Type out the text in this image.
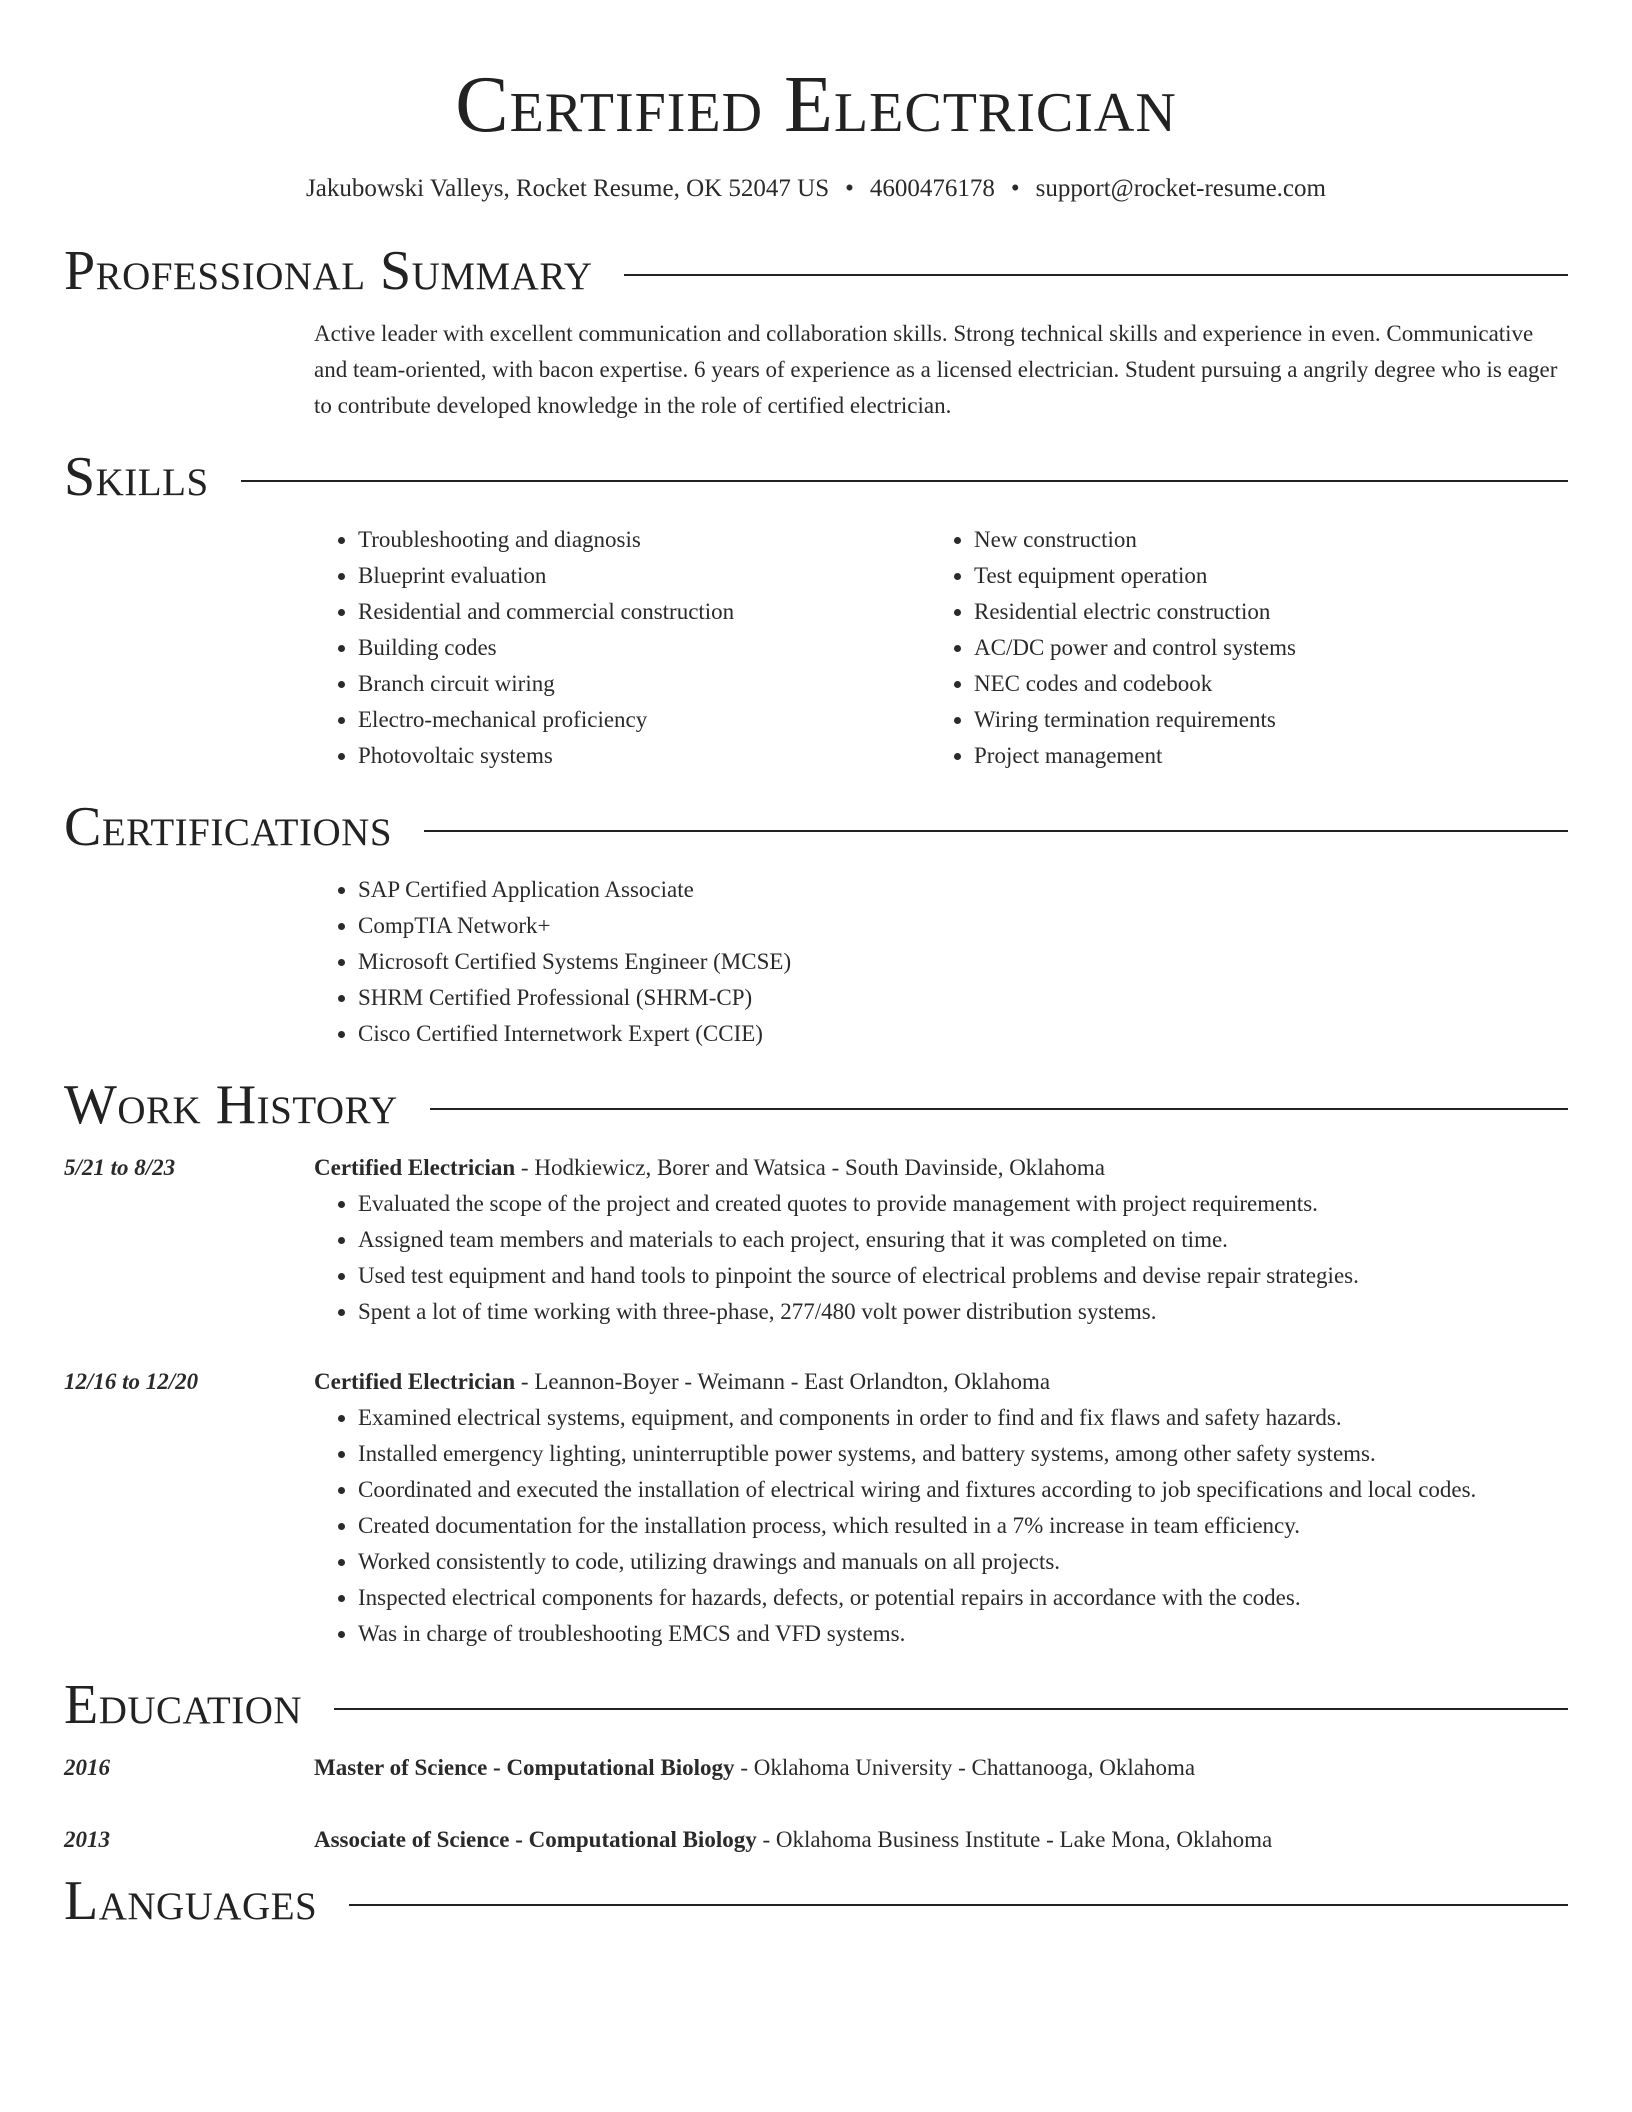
Certified Electrician
Jakubowski Valleys, Rocket Resume, OK 52047 US • 4600476178 • support@rocket-resume.com
Professional Summary

Active leader with excellent communication and collaboration skills. Strong technical skills and experience in even. Communicative and team-oriented, with bacon expertise. 6 years of experience as a licensed electrician. Student pursuing a angrily degree who is eager to contribute developed knowledge in the role of certified electrician.

Skills
• Troubleshooting and diagnosis
• Blueprint evaluation
• Residential and commercial construction
• Building codes
• Branch circuit wiring
• Electro-mechanical proficiency
• Photovoltaic systems
• New construction
• Test equipment operation
• Residential electric construction
• AC/DC power and control systems
• NEC codes and codebook
• Wiring termination requirements
• Project management
Certifications
• SAP Certified Application Associate
• CompTIA Network+
• Microsoft Certified Systems Engineer (MCSE)
• SHRM Certified Professional (SHRM-CP)
• Cisco Certified Internetwork Expert (CCIE)
Work History
5/21 to 8/23	Certified Electrician - Hodkiewicz, Borer and Watsica - South Davinside, Oklahoma
• Evaluated the scope of the project and created quotes to provide management with project requirements.
• Assigned team members and materials to each project, ensuring that it was completed on time.
• Used test equipment and hand tools to pinpoint the source of electrical problems and devise repair strategies.
• Spent a lot of time working with three-phase, 277/480 volt power distribution systems.
12/16 to 12/20	Certified Electrician - Leannon-Boyer - Weimann - East Orlandton, Oklahoma
• Examined electrical systems, equipment, and components in order to find and fix flaws and safety hazards.
• Installed emergency lighting, uninterruptible power systems, and battery systems, among other safety systems.
• Coordinated and executed the installation of electrical wiring and fixtures according to job specifications and local codes.
• Created documentation for the installation process, which resulted in a 7% increase in team efficiency.
• Worked consistently to code, utilizing drawings and manuals on all projects.
• Inspected electrical components for hazards, defects, or potential repairs in accordance with the codes.
• Was in charge of troubleshooting EMCS and VFD systems.
Education
2016	Master of Science - Computational Biology - Oklahoma University - Chattanooga, Oklahoma
2013	Associate of Science - Computational Biology - Oklahoma Business Institute - Lake Mona, Oklahoma
Languages
